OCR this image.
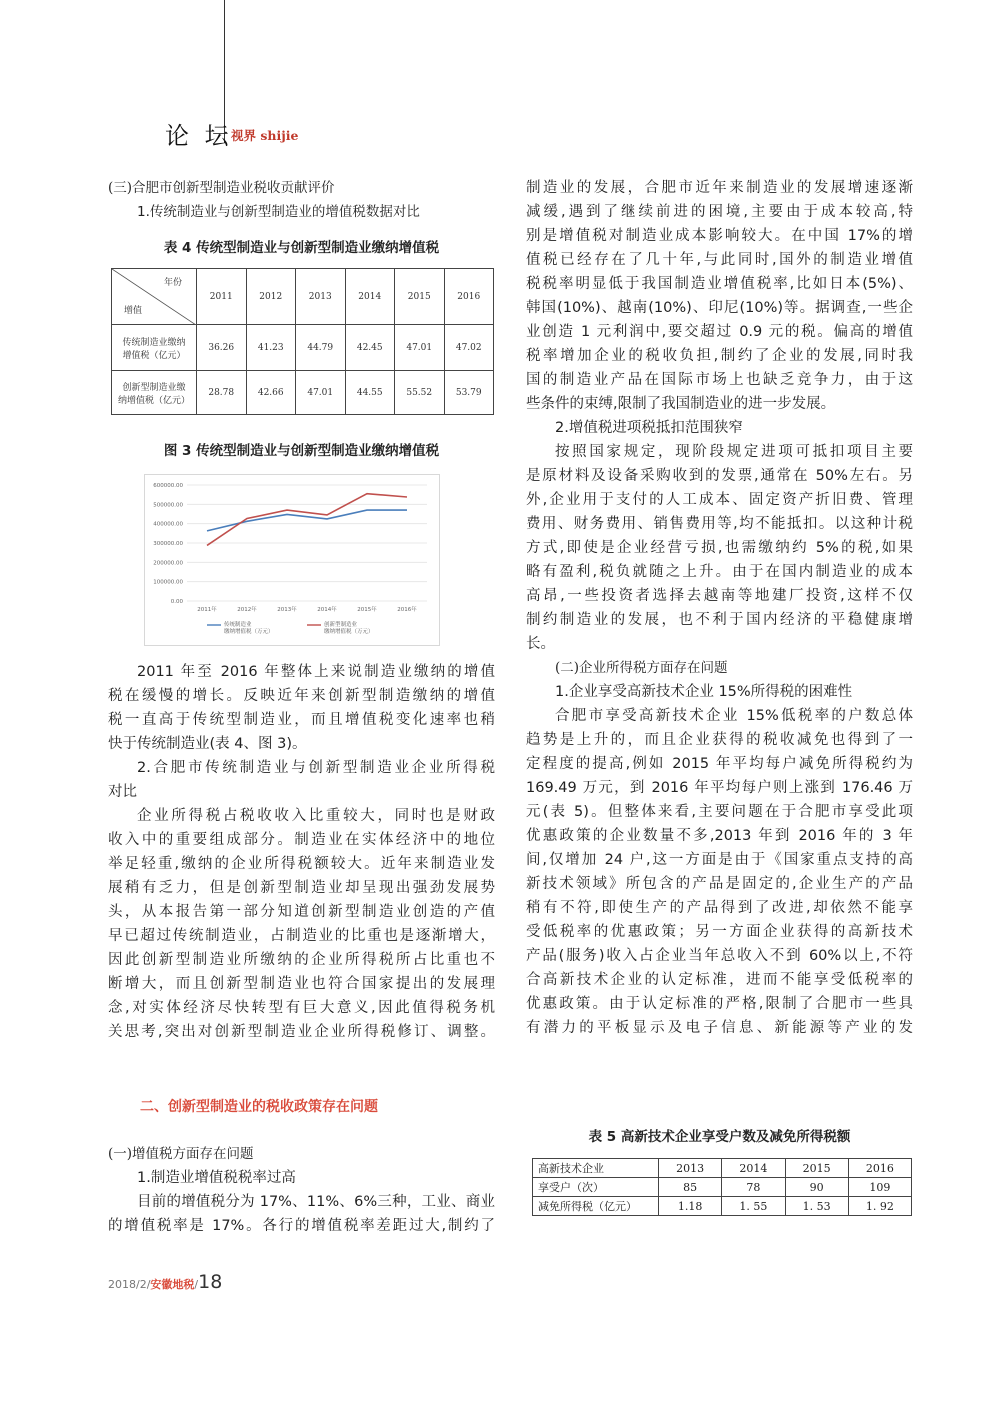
论 坛
视界 shijie
(三)合肥市创新型制造业税收贡献评价
1.传统制造业与创新型制造业的增值税数据对比
表 4 传统型制造业与创新型制造业缴纳增值税
年份
增值	2011	2012	2013	2014	2015	2016
传统制造业缴纳
增值税（亿元）	36.26	41.23	44.79	42.45	47.01	47.02
创新型制造业缴
纳增值税（亿元）	28.78	42.66	47.01	44.55	55.52	53.79
图 3 传统型制造业与创新型制造业缴纳增值税
0.00
100000.00
200000.00
300000.00
400000.00
500000.00
600000.00
2011年	2012年	2013年	2014年	2015年	2016年
传统制造业
缴纳增值税（万元）
创新型制造业
缴纳增值税（万元）
2011 年至 2016 年整体上来说制造业缴纳的增值
税在缓慢的增长。反映近年来创新型制造缴纳的增值
税一直高于传统型制造业，而且增值税变化速率也稍
快于传统制造业(表 4、图 3)。
2.合肥市传统制造业与创新型制造业企业所得税
对比
企业所得税占税收收入比重较大，同时也是财政
收入中的重要组成部分。制造业在实体经济中的地位
举足轻重,缴纳的企业所得税额较大。近年来制造业发
展稍有乏力，但是创新型制造业却呈现出强劲发展势
头，从本报告第一部分知道创新型制造业创造的产值
早已超过传统制造业，占制造业的比重也是逐渐增大，
因此创新型制造业所缴纳的企业所得税所占比重也不
断增大，而且创新型制造业也符合国家提出的发展理
念,对实体经济尽快转型有巨大意义,因此值得税务机
关思考,突出对创新型制造业企业所得税修订、调整。
二、创新型制造业的税收政策存在问题
(一)增值税方面存在问题
1.制造业增值税税率过高
目前的增值税分为 17%、11%、6%三种，工业、商业
的增值税率是 17%。各行的增值税率差距过大,制约了
制造业的发展，合肥市近年来制造业的发展增速逐渐
减缓,遇到了继续前进的困境,主要由于成本较高,特
别是增值税对制造业成本影响较大。在中国 17%的增
值税已经存在了几十年,与此同时,国外的制造业增值
税税率明显低于我国制造业增值税率,比如日本(5%)、
韩国(10%)、越南(10%)、印尼(10%)等。据调查,一些企
业创造 1 元利润中,要交超过 0.9 元的税。偏高的增值
税率增加企业的税收负担,制约了企业的发展,同时我
国的制造业产品在国际市场上也缺乏竞争力，由于这
些条件的束缚,限制了我国制造业的进一步发展。
2.增值税进项税抵扣范围狭窄
按照国家规定，现阶段规定进项可抵扣项目主要
是原材料及设备采购收到的发票,通常在 50%左右。另
外,企业用于支付的人工成本、固定资产折旧费、管理
费用、财务费用、销售费用等,均不能抵扣。以这种计税
方式,即使是企业经营亏损,也需缴纳约 5%的税,如果
略有盈利,税负就随之上升。由于在国内制造业的成本
高昂,一些投资者选择去越南等地建厂投资,这样不仅
制约制造业的发展，也不利于国内经济的平稳健康增
长。
(二)企业所得税方面存在问题
1.企业享受高新技术企业 15%所得税的困难性
合肥市享受高新技术企业 15%低税率的户数总体
趋势是上升的，而且企业获得的税收减免也得到了一
定程度的提高,例如 2015 年平均每户减免所得税约为
169.49 万元，到 2016 年平均每户则上涨到 176.46 万
元(表 5)。但整体来看,主要问题在于合肥市享受此项
优惠政策的企业数量不多,2013 年到 2016 年的 3 年
间,仅增加 24 户,这一方面是由于《国家重点支持的高
新技术领域》所包含的产品是固定的,企业生产的产品
稍有不符,即使生产的产品得到了改进,却依然不能享
受低税率的优惠政策；另一方面企业获得的高新技术
产品(服务)收入占企业当年总收入不到 60%以上,不符
合高新技术企业的认定标准，进而不能享受低税率的
优惠政策。由于认定标准的严格,限制了合肥市一些具
有潜力的平板显示及电子信息、新能源等产业的发
表 5 高新技术企业享受户数及减免所得税额
高新技术企业	2013	2014	2015	2016
享受户（次）	85	78	90	109
减免所得税（亿元）	1.18	1. 55	1. 53	1. 92
2018/2/安徽地税/18
